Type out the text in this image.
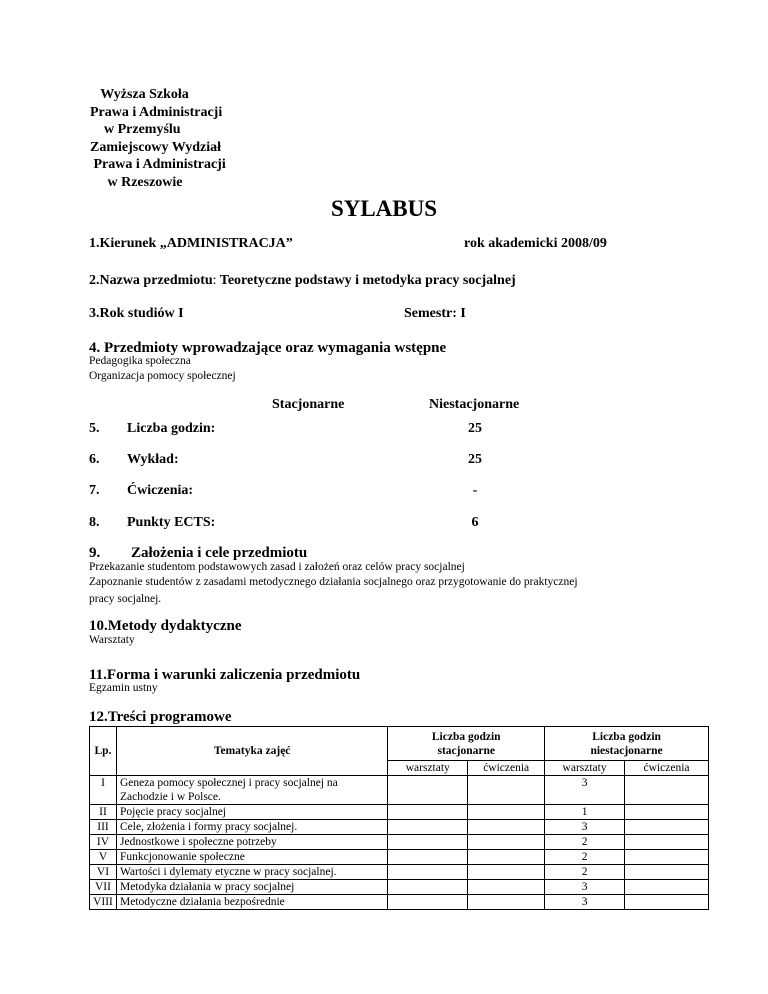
Wyższa Szkoła
Prawa i Administracji
w Przemyślu
Zamiejscowy Wydział
Prawa i Administracji
w Rzeszowie
SYLABUS
1.Kierunek „ADMINISTRACJA”	rok akademicki 2008/09
2.Nazwa przedmiotu: Teoretyczne podstawy i metodyka pracy socjalnej
3.Rok studiów I	Semestr: I
4. Przedmioty wprowadzające oraz wymagania wstępne
Pedagogika społeczna
Organizacja pomocy społecznej
Stacjonarne	Niestacjonarne
5. Liczba godzin:	25
6. Wykład:	25
7. Ćwiczenia:	-
8. Punkty ECTS:	6
9. Założenia i cele przedmiotu
Przekazanie studentom podstawowych zasad i założeń oraz celów pracy socjalnej
Zapoznanie studentów z zasadami metodycznego działania socjalnego oraz przygotowanie do praktycznej
pracy socjalnej.
10.Metody dydaktyczne
Warsztaty
11.Forma i warunki zaliczenia przedmiotu
Egzamin ustny
12.Treści programowe
Lp.	Tematyka zajęć	Liczba godzin stacjonarne		Liczba godzin niestacjonarne	
		warsztaty	ćwiczenia	warsztaty	ćwiczenia
I	Geneza pomocy społecznej i pracy socjalnej na Zachodzie i w Polsce.			3	
II	Pojęcie pracy socjalnej			1	
III	Cele, złożenia i formy pracy socjalnej.			3	
IV	Jednostkowe i społeczne potrzeby			2	
V	Funkcjonowanie społeczne			2	
VI	Wartości i dylematy etyczne w pracy socjalnej.			2	
VII	Metodyka działania w pracy socjalnej			3	
VIII	Metodyczne działania bezpośrednie			3	
